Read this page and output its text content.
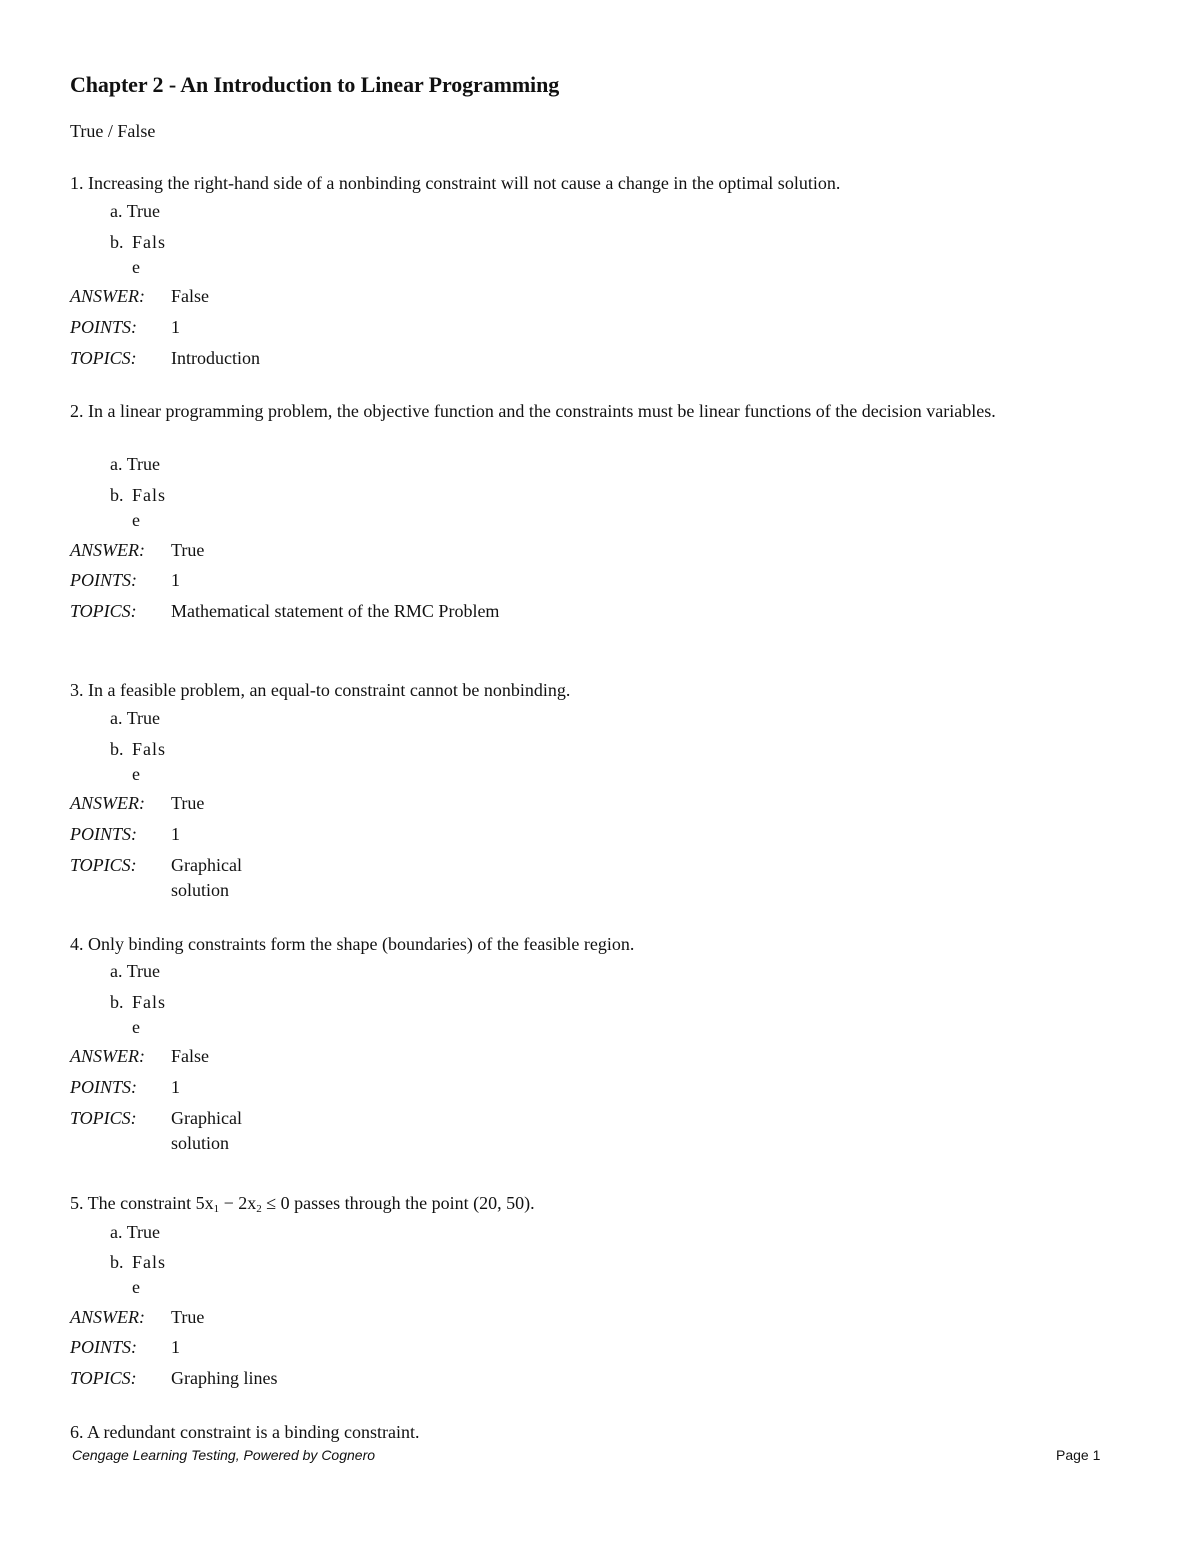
Chapter 2 - An Introduction to Linear Programming
True / False
1. Increasing the right-hand side of a nonbinding constraint will not cause a change in the optimal solution.
a. True
b. False
ANSWER: False
POINTS: 1
TOPICS: Introduction
2. In a linear programming problem, the objective function and the constraints must be linear functions of the decision variables.
a. True
b. False
ANSWER: True
POINTS: 1
TOPICS: Mathematical statement of the RMC Problem
3. In a feasible problem, an equal-to constraint cannot be nonbinding.
a. True
b. False
ANSWER: True
POINTS: 1
TOPICS: Graphical solution
4. Only binding constraints form the shape (boundaries) of the feasible region.
a. True
b. False
ANSWER: False
POINTS: 1
TOPICS: Graphical solution
5. The constraint $5x_1 - 2x_2 \le 0$ passes through the point (20, 50).
a. True
b. False
ANSWER: True
POINTS: 1
TOPICS: Graphing lines
6. A redundant constraint is a binding constraint.
Cengage Learning Testing, Powered by Cognero	Page 1
